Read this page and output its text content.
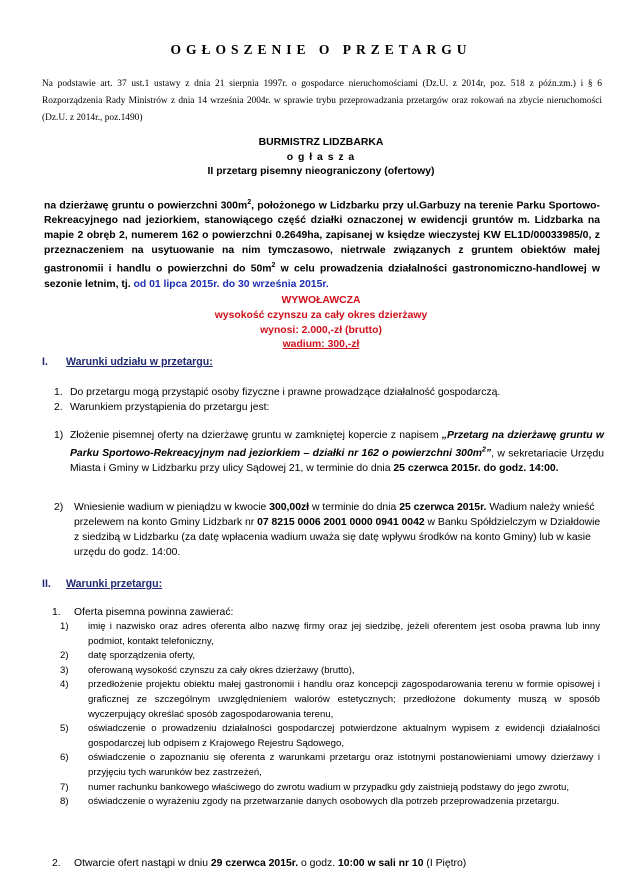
OGŁOSZENIE O PRZETARGU
Na podstawie art. 37 ust.1 ustawy z dnia 21 sierpnia 1997r. o gospodarce nieruchomościami (Dz.U. z 2014r, poz. 518 z późn.zm.) i § 6 Rozporządzenia Rady Ministrów z dnia 14 września 2004r. w sprawie trybu przeprowadzania przetargów oraz rokowań na zbycie nieruchomości (Dz.U. z 2014r., poz.1490)
BURMISTRZ LIDZBARKA
o g ł a s z a
II przetarg pisemny nieograniczony (ofertowy)
na dzierżawę gruntu o powierzchni $300m^2$, położonego w Lidzbarku przy ul.Garbuzy na terenie Parku Sportowo-Rekreacyjnego nad jeziorkiem, stanowiącego część działki oznaczonej w ewidencji gruntów m. Lidzbarka na mapie 2 obręb 2, numerem 162 o powierzchni 0.2649ha, zapisanej w księdze wieczystej KW EL1D/00033985/0, z przeznaczeniem na usytuowanie na nim tymczasowo, nietrwale związanych z gruntem obiektów małej gastronomii i handlu o powierzchni do $50m^2$ w celu prowadzenia działalności gastronomiczno-handlowej w sezonie letnim, tj. od 01 lipca 2015r. do 30 września 2015r.
WYWOŁAWCZA
wysokość czynszu za cały okres dzierżawy
wynosi: 2.000,-zł (brutto)
wadium: 300,-zł
I. Warunki udziału w przetargu:
1. Do przetargu mogą przystąpić osoby fizyczne i prawne prowadzące działalność gospodarczą.
2. Warunkiem przystąpienia do przetargu jest:
1) Złożenie pisemnej oferty na dzierżawę gruntu w zamkniętej kopercie z napisem „Przetarg na dzierżawę gruntu w Parku Sportowo-Rekreacyjnym nad jeziorkiem – działki nr 162 o powierzchni $300m^2$”, w sekretariacie Urzędu Miasta i Gminy w Lidzbarku przy ulicy Sądowej 21, w terminie do dnia 25 czerwca 2015r. do godz. 14:00.
2)	Wniesienie wadium w pieniądzu w kwocie 300,00zł w terminie do dnia 25 czerwca 2015r. Wadium należy wnieść przelewem na konto Gminy Lidzbark nr 07 8215 0006 2001 0000 0941 0042 w Banku Spółdzielczym w Działdowie z siedzibą w Lidzbarku (za datę wpłacenia wadium uważa się datę wpływu środków na konto Gminy) lub w kasie urzędu do godz. 14:00.
II. Warunki przetargu:
1.	Oferta pisemna powinna zawierać:
1)	imię i nazwisko oraz adres oferenta albo nazwę firmy oraz jej siedzibę, jeżeli oferentem jest osoba prawna lub inny podmiot, kontakt telefoniczny,
2)	datę sporządzenia oferty,
3)	oferowaną wysokość czynszu za cały okres dzierżawy (brutto),
4)	przedłożenie projektu obiektu małej gastronomii i handlu oraz koncepcji zagospodarowania terenu w formie opisowej i graficznej ze szczególnym uwzględnieniem walorów estetycznych; przedłożone dokumenty muszą w sposób wyczerpujący określać sposób zagospodarowania terenu,
5)	oświadczenie o prowadzeniu działalności gospodarczej potwierdzone aktualnym wypisem z ewidencji działalności gospodarczej lub odpisem z Krajowego Rejestru Sądowego,
6)	oświadczenie o zapoznaniu się oferenta z warunkami przetargu oraz istotnymi postanowieniami umowy dzierżawy i przyjęciu tych warunków bez zastrzeżeń,
7)	numer rachunku bankowego właściwego do zwrotu wadium w przypadku gdy zaistnieją podstawy do jego zwrotu,
8)	oświadczenie o wyrażeniu zgody na przetwarzanie danych osobowych dla potrzeb przeprowadzenia przetargu.
2.	Otwarcie ofert nastąpi w dniu 29 czerwca 2015r. o godz. 10:00 w sali nr 10 (I Piętro)
